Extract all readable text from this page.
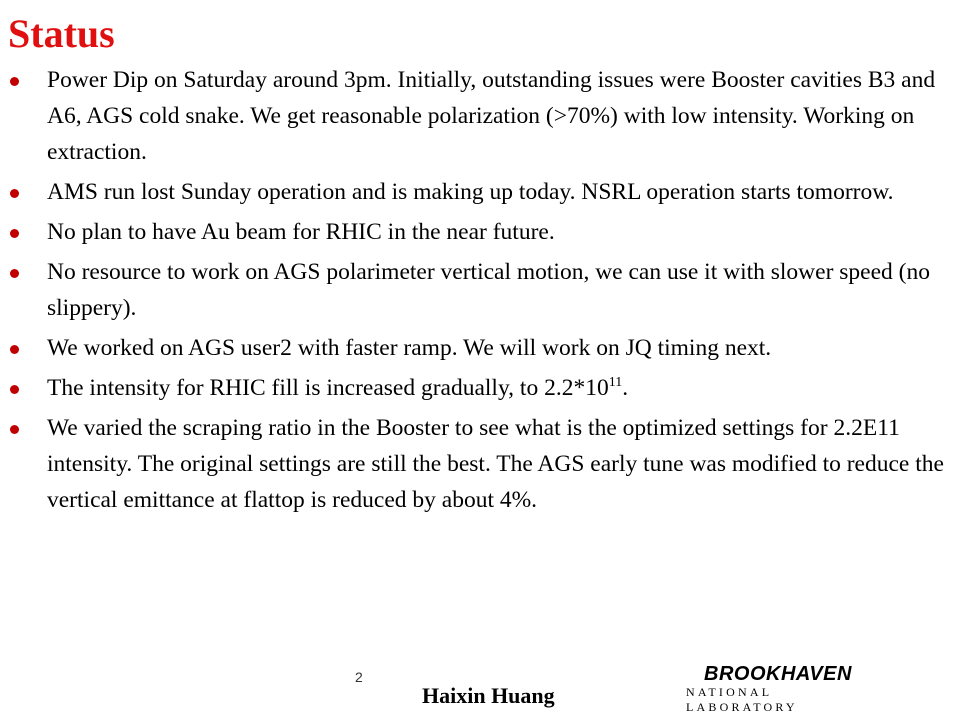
Status
Power Dip on Saturday around 3pm. Initially, outstanding issues were Booster cavities B3 and A6, AGS cold snake. We get reasonable polarization (>70%) with low intensity. Working on extraction.
AMS run lost Sunday operation and is making up today. NSRL operation starts tomorrow.
No plan to have Au beam for RHIC in the near future.
No resource to work on AGS polarimeter vertical motion, we can use it with slower speed (no slippery).
We worked on AGS user2 with faster ramp. We will work on JQ timing next.
The intensity for RHIC fill is increased gradually, to $2.2*10^{11}$.
We varied the scraping ratio in the Booster to see what is the optimized settings for 2.2E11 intensity. The original settings are still the best. The AGS early tune was modified to reduce the vertical emittance at flattop is reduced by about 4%.
2
Haixin Huang
BROOKHAVEN
NATIONAL LABORATORY
